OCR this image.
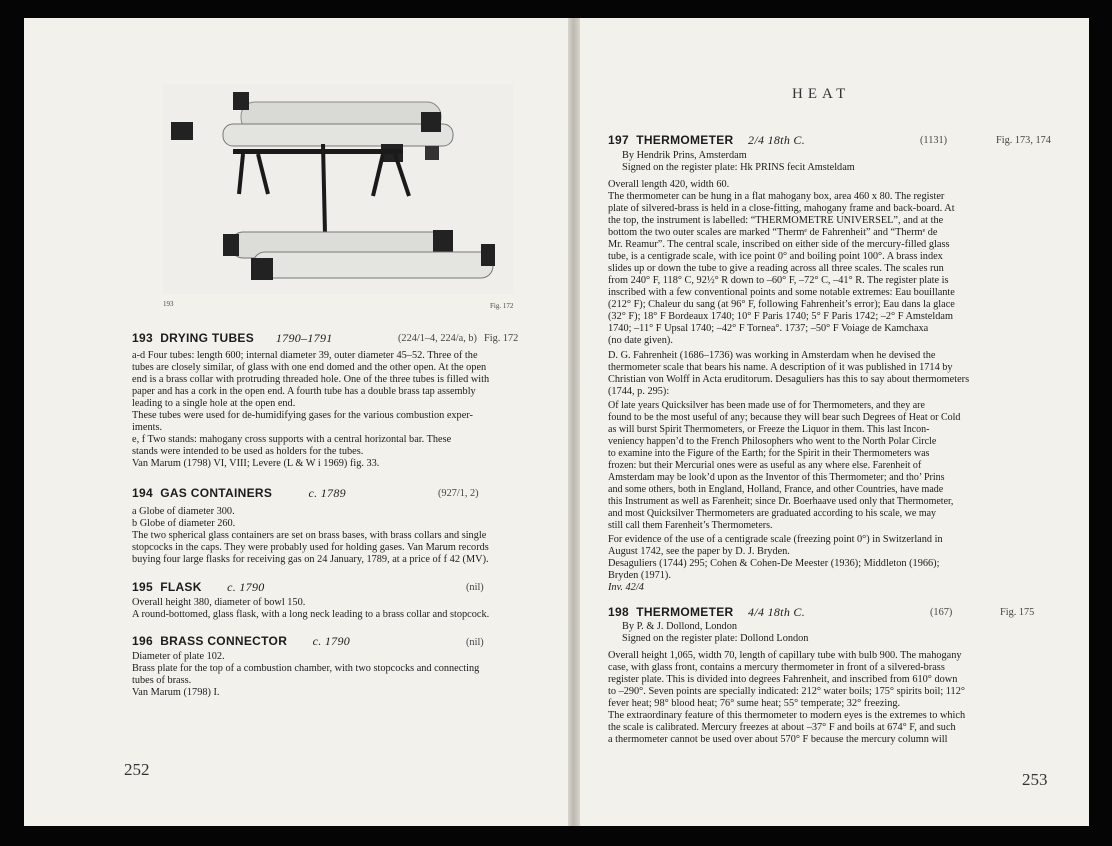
193	Fig. 172
193 DRYING TUBES 1790–1791	(224/1–4, 224/a, b) Fig. 172
a-d Four tubes: length 600; internal diameter 39, outer diameter 45–52. Three of the
tubes are closely similar, of glass with one end domed and the other open. At the open
end is a brass collar with protruding threaded hole. One of the three tubes is filled with
paper and has a cork in the open end. A fourth tube has a double brass tap assembly
leading to a single hole at the open end.
These tubes were used for de-humidifying gases for the various combustion exper-
iments.
e, f Two stands: mahogany cross supports with a central horizontal bar. These
stands were intended to be used as holders for the tubes.
Van Marum (1798) VI, VIII; Levere (L & W i 1969) fig. 33.
194 GAS CONTAINERS	c. 1789	(927/1, 2)
a Globe of diameter 300.
b Globe of diameter 260.
The two spherical glass containers are set on brass bases, with brass collars and single
stopcocks in the caps. They were probably used for holding gases. Van Marum records
buying four large flasks for receiving gas on 24 January, 1789, at a price of f 42 (MV).
195 FLASK c. 1790	(nil)
Overall height 380, diameter of bowl 150.
A round-bottomed, glass flask, with a long neck leading to a brass collar and stopcock.
196 BRASS CONNECTOR c. 1790	(nil)
Diameter of plate 102.
Brass plate for the top of a combustion chamber, with two stopcocks and connecting
tubes of brass.
Van Marum (1798) I.
252
HEAT
197 THERMOMETER 2/4 18th C.	(1131)	Fig. 173, 174
By Hendrik Prins, Amsterdam
Signed on the register plate: Hk PRINS fecit Amsteldam
Overall length 420, width 60.
The thermometer can be hung in a flat mahogany box, area 460 x 80. The register
plate of silvered-brass is held in a close-fitting, mahogany frame and back-board. At
the top, the instrument is labelled: “THERMOMETRE UNIVERSEL”, and at the
bottom the two outer scales are marked “Thermᵉ de Fahrenheit” and “Thermᵉ de
Mr. Reamur”. The central scale, inscribed on either side of the mercury-filled glass
tube, is a centigrade scale, with ice point 0° and boiling point 100°. A brass index
slides up or down the tube to give a reading across all three scales. The scales run
from 240° F, 118° C, 92½° R down to –60° F, –72° C, –41° R. The register plate is
inscribed with a few conventional points and some notable extremes: Eau bouillante
(212° F); Chaleur du sang (at 96° F, following Fahrenheit’s error); Eau dans la glace
(32° F); 18° F Bordeaux 1740; 10° F Paris 1740; 5° F Paris 1742; –2° F Amsteldam
1740; –11° F Upsal 1740; –42° F Tornea°. 1737; –50° F Voiage de Kamchaxa
(no date given).
D. G. Fahrenheit (1686–1736) was working in Amsterdam when he devised the
thermometer scale that bears his name. A description of it was published in 1714 by
Christian von Wolff in Acta eruditorum. Desaguliers has this to say about thermometers
(1744, p. 295):
Of late years Quicksilver has been made use of for Thermometers, and they are
found to be the most useful of any; because they will bear such Degrees of Heat or Cold
as will burst Spirit Thermometers, or Freeze the Liquor in them. This last Incon-
veniency happen’d to the French Philosophers who went to the North Polar Circle
to examine into the Figure of the Earth; for the Spirit in their Thermometers was
frozen: but their Mercurial ones were as useful as any where else. Farenheit of
Amsterdam may be look’d upon as the Inventor of this Thermometer; and tho’ Prins
and some others, both in England, Holland, France, and other Countries, have made
this Instrument as well as Farenheit; since Dr. Boerhaave used only that Thermometer,
and most Quicksilver Thermometers are graduated according to his scale, we may
still call them Farenheit’s Thermometers.
For evidence of the use of a centigrade scale (freezing point 0°) in Switzerland in
August 1742, see the paper by D. J. Bryden.
Desaguliers (1744) 295; Cohen & Cohen-De Meester (1936); Middleton (1966);
Bryden (1971).
Inv. 42/4
198 THERMOMETER 4/4 18th C.	(167)	Fig. 175
By P. & J. Dollond, London
Signed on the register plate: Dollond London
Overall height 1,065, width 70, length of capillary tube with bulb 900. The mahogany
case, with glass front, contains a mercury thermometer in front of a silvered-brass
register plate. This is divided into degrees Fahrenheit, and inscribed from 610° down
to –290°. Seven points are specially indicated: 212° water boils; 175° spirits boil; 112°
fever heat; 98° blood heat; 76° sume heat; 55° temperate; 32° freezing.
The extraordinary feature of this thermometer to modern eyes is the extremes to which
the scale is calibrated. Mercury freezes at about –37° F and boils at 674° F, and such
a thermometer cannot be used over about 570° F because the mercury column will
253
